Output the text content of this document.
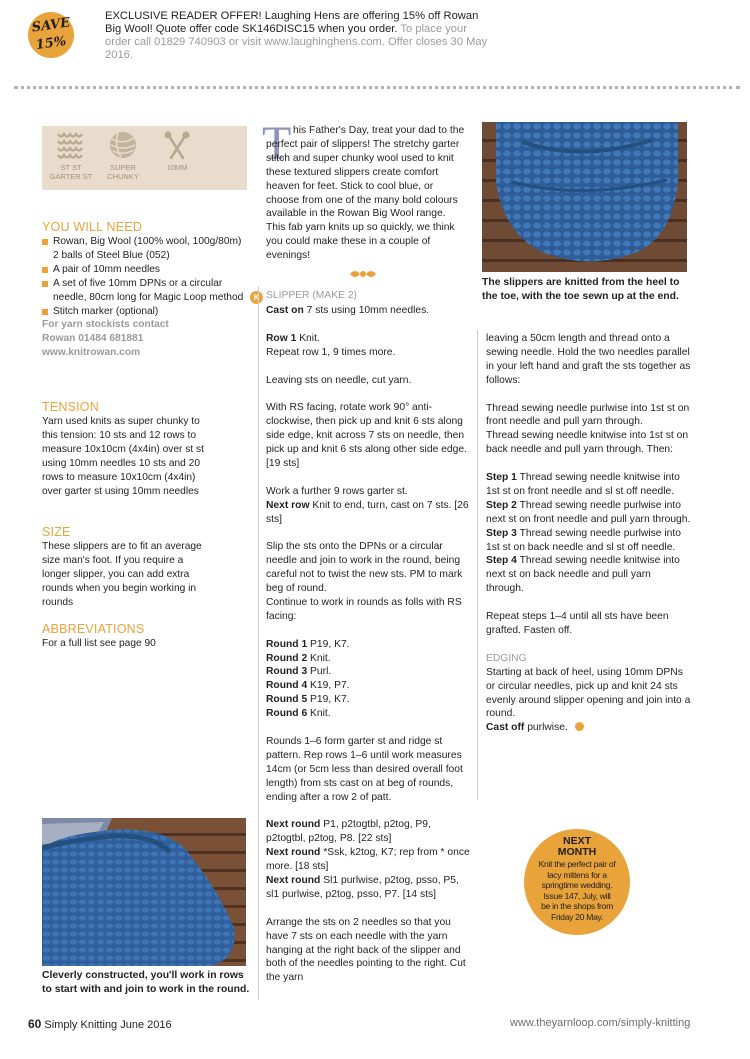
SAVE
15%
EXCLUSIVE READER OFFER! Laughing Hens are offering 15% off Rowan Big Wool! Quote offer code SK146DISC15 when you order. To place your order call 01829 740903 or visit www.laughinghens.com. Offer closes 30 May 2016.
ST ST
GARTER ST
SUPER
CHUNKY
10MM
YOU WILL NEED
Rowan, Big Wool (100% wool, 100g/80m)
2 balls of Steel Blue (052)
A pair of 10mm needles
A set of five 10mm DPNs or a circular needle, 80cm long for Magic Loop method
Stitch marker (optional)
For yarn stockists contact
Rowan 01484 681881
www.knitrowan.com
TENSION
Yarn used knits as super chunky to this tension: 10 sts and 12 rows to measure 10x10cm (4x4in) over st st using 10mm needles 10 sts and 20 rows to measure 10x10cm (4x4in) over garter st using 10mm needles
SIZE
These slippers are to fit an average size man's foot. If you require a longer slipper, you can add extra rounds when you begin working in rounds
ABBREVIATIONS
For a full list see page 90
Cleverly constructed, you'll work in rows to start with and join to work in the round.
T his Father's Day, treat your dad to the perfect pair of slippers! The stretchy garter stitch and super chunky wool used to knit these textured slippers create comfort heaven for feet. Stick to cool blue, or choose from one of the many bold colours available in the Rowan Big Wool range. This fab yarn knits up so quickly, we think you could make these in a couple of evenings!
K SLIPPER (MAKE 2)
Cast on 7 sts using 10mm needles.
Row 1 Knit.
Repeat row 1, 9 times more.
Leaving sts on needle, cut yarn.
With RS facing, rotate work 90° anti-clockwise, then pick up and knit 6 sts along side edge, knit across 7 sts on needle, then pick up and knit 6 sts along other side edge. [19 sts]
Work a further 9 rows garter st.
Next row Knit to end, turn, cast on 7 sts. [26 sts]
Slip the sts onto the DPNs or a circular needle and join to work in the round, being careful not to twist the new sts. PM to mark beg of round.
Continue to work in rounds as folls with RS facing:
Round 1 P19, K7.
Round 2 Knit.
Round 3 Purl.
Round 4 K19, P7.
Round 5 P19, K7.
Round 6 Knit.
Rounds 1–6 form garter st and ridge st pattern. Rep rows 1–6 until work measures 14cm (or 5cm less than desired overall foot length) from sts cast on at beg of rounds, ending after a row 2 of patt.
Next round P1, p2togtbl, p2tog, P9, p2togtbl, p2tog, P8. [22 sts]
Next round *Ssk, k2tog, K7; rep from * once more. [18 sts]
Next round Sl1 purlwise, p2tog, psso, P5, sl1 purlwise, p2tog, psso, P7. [14 sts]
Arrange the sts on 2 needles so that you have 7 sts on each needle with the yarn hanging at the right back of the slipper and both of the needles pointing to the right. Cut the yarn
The slippers are knitted from the heel to the toe, with the toe sewn up at the end.
leaving a 50cm length and thread onto a sewing needle. Hold the two needles parallel in your left hand and graft the sts together as follows:
Thread sewing needle purlwise into 1st st on front needle and pull yarn through.
Thread sewing needle knitwise into 1st st on back needle and pull yarn through. Then:
Step 1 Thread sewing needle knitwise into 1st st on front needle and sl st off needle.
Step 2 Thread sewing needle purlwise into next st on front needle and pull yarn through.
Step 3 Thread sewing needle purlwise into 1st st on back needle and sl st off needle.
Step 4 Thread sewing needle knitwise into next st on back needle and pull yarn through.
Repeat steps 1–4 until all sts have been grafted. Fasten off.
EDGING
Starting at back of heel, using 10mm DPNs or circular needles, pick up and knit 24 sts evenly around slipper opening and join into a round.
Cast off purlwise.
NEXT
MONTH
Knit the perfect pair of lacy mittens for a springtime wedding. Issue 147, July, will be in the shops from Friday 20 May.
60 Simply Knitting June 2016	www.theyarnloop.com/simply-knitting
